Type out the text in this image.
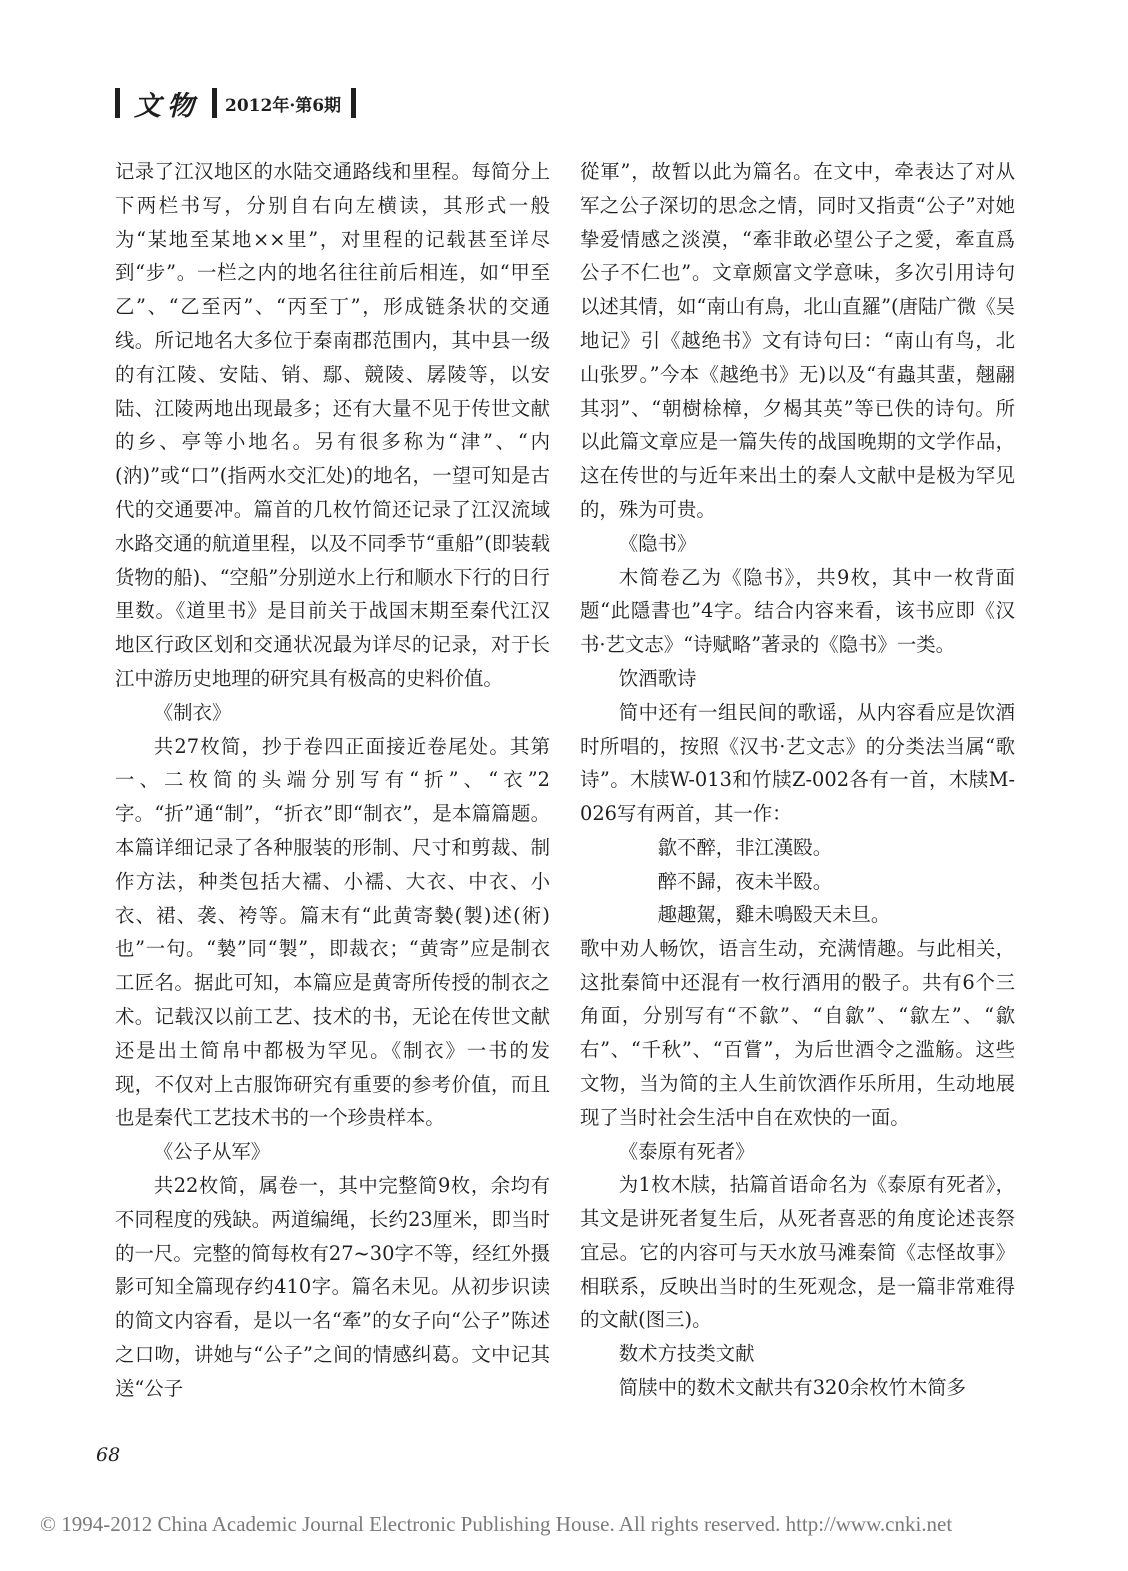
文物 2012年·第6期

记录了江汉地区的水陆交通路线和里程。每简分上下两栏书写，分别自右向左横读，其形式一般为“某地至某地××里”，对里程的记载甚至详尽到“步”。一栏之内的地名往往前后相连，如“甲至乙”、“乙至丙”、“丙至丁”，形成链条状的交通线。所记地名大多位于秦南郡范围内，其中县一级的有江陵、安陆、销、鄢、競陵、孱陵等，以安陆、江陵两地出现最多；还有大量不见于传世文献的乡、亭等小地名。另有很多称为“津”、“内(汭)”或“口”(指两水交汇处)的地名，一望可知是古代的交通要冲。篇首的几枚竹简还记录了江汉流域水路交通的航道里程，以及不同季节“重船”(即装载货物的船)、“空船”分别逆水上行和顺水下行的日行里数。《道里书》是目前关于战国末期至秦代江汉地区行政区划和交通状况最为详尽的记录，对于长江中游历史地理的研究具有极高的史料价值。

《制衣》

共27枚简，抄于卷四正面接近卷尾处。其第一、二枚简的头端分别写有“折”、“衣”2字。“折”通“制”，“折衣”即“制衣”，是本篇篇题。本篇详细记录了各种服装的形制、尺寸和剪裁、制作方法，种类包括大襦、小襦、大衣、中衣、小衣、裙、袭、袴等。篇末有“此黄寄褺(製)述(術)也”一句。“褺”同“製”，即裁衣；“黄寄”应是制衣工匠名。据此可知，本篇应是黄寄所传授的制衣之术。记载汉以前工艺、技术的书，无论在传世文献还是出土简帛中都极为罕见。《制衣》一书的发现，不仅对上古服饰研究有重要的参考价值，而且也是秦代工艺技术书的一个珍贵样本。

《公子从军》

共22枚简，属卷一，其中完整简9枚，余均有不同程度的残缺。两道编绳，长约23厘米，即当时的一尺。完整的简每枚有27~30字不等，经红外摄影可知全篇现存约410字。篇名未见。从初步识读的简文内容看，是以一名“牽”的女子向“公子”陈述之口吻，讲她与“公子”之间的情感纠葛。文中记其送“公子

從軍”，故暂以此为篇名。在文中，牵表达了对从军之公子深切的思念之情，同时又指责“公子”对她挚爱情感之淡漠，“牽非敢必望公子之愛，牽直爲公子不仁也”。文章颇富文学意味，多次引用诗句以述其情，如“南山有鳥，北山直羅”(唐陆广微《吴地记》引《越绝书》文有诗句曰：“南山有鸟，北山张罗。”今本《越绝书》无)以及“有蟲其蜚，翹翮其羽”、“朝樹梌樟，夕楬其英”等已佚的诗句。所以此篇文章应是一篇失传的战国晚期的文学作品，这在传世的与近年来出土的秦人文献中是极为罕见的，殊为可贵。

《隐书》

木简卷乙为《隐书》，共9枚，其中一枚背面题“此隱書也”4字。结合内容来看，该书应即《汉书·艺文志》“诗赋略”著录的《隐书》一类。

饮酒歌诗

简中还有一组民间的歌谣，从内容看应是饮酒时所唱的，按照《汉书·艺文志》的分类法当属“歌诗”。木牍W-013和竹牍Z-002各有一首，木牍M-026写有两首，其一作：

歙不醉，非江漢殹。

醉不歸，夜未半殹。

趣趣駕，雞未鳴殹天未旦。

歌中劝人畅饮，语言生动，充满情趣。与此相关，这批秦简中还混有一枚行酒用的骰子。共有6个三角面，分别写有“不歙”、“自歙”、“歙左”、“歙右”、“千秋”、“百嘗”，为后世酒令之滥觞。这些文物，当为简的主人生前饮酒作乐所用，生动地展现了当时社会生活中自在欢快的一面。

《泰原有死者》

为1枚木牍，拈篇首语命名为《泰原有死者》，其文是讲死者复生后，从死者喜恶的角度论述丧祭宜忌。它的内容可与天水放马滩秦简《志怪故事》相联系，反映出当时的生死观念，是一篇非常难得的文献(图三)。

数术方技类文献

简牍中的数术文献共有320余枚竹木简多

68
© 1994-2012 China Academic Journal Electronic Publishing House. All rights reserved. http://www.cnki.net
